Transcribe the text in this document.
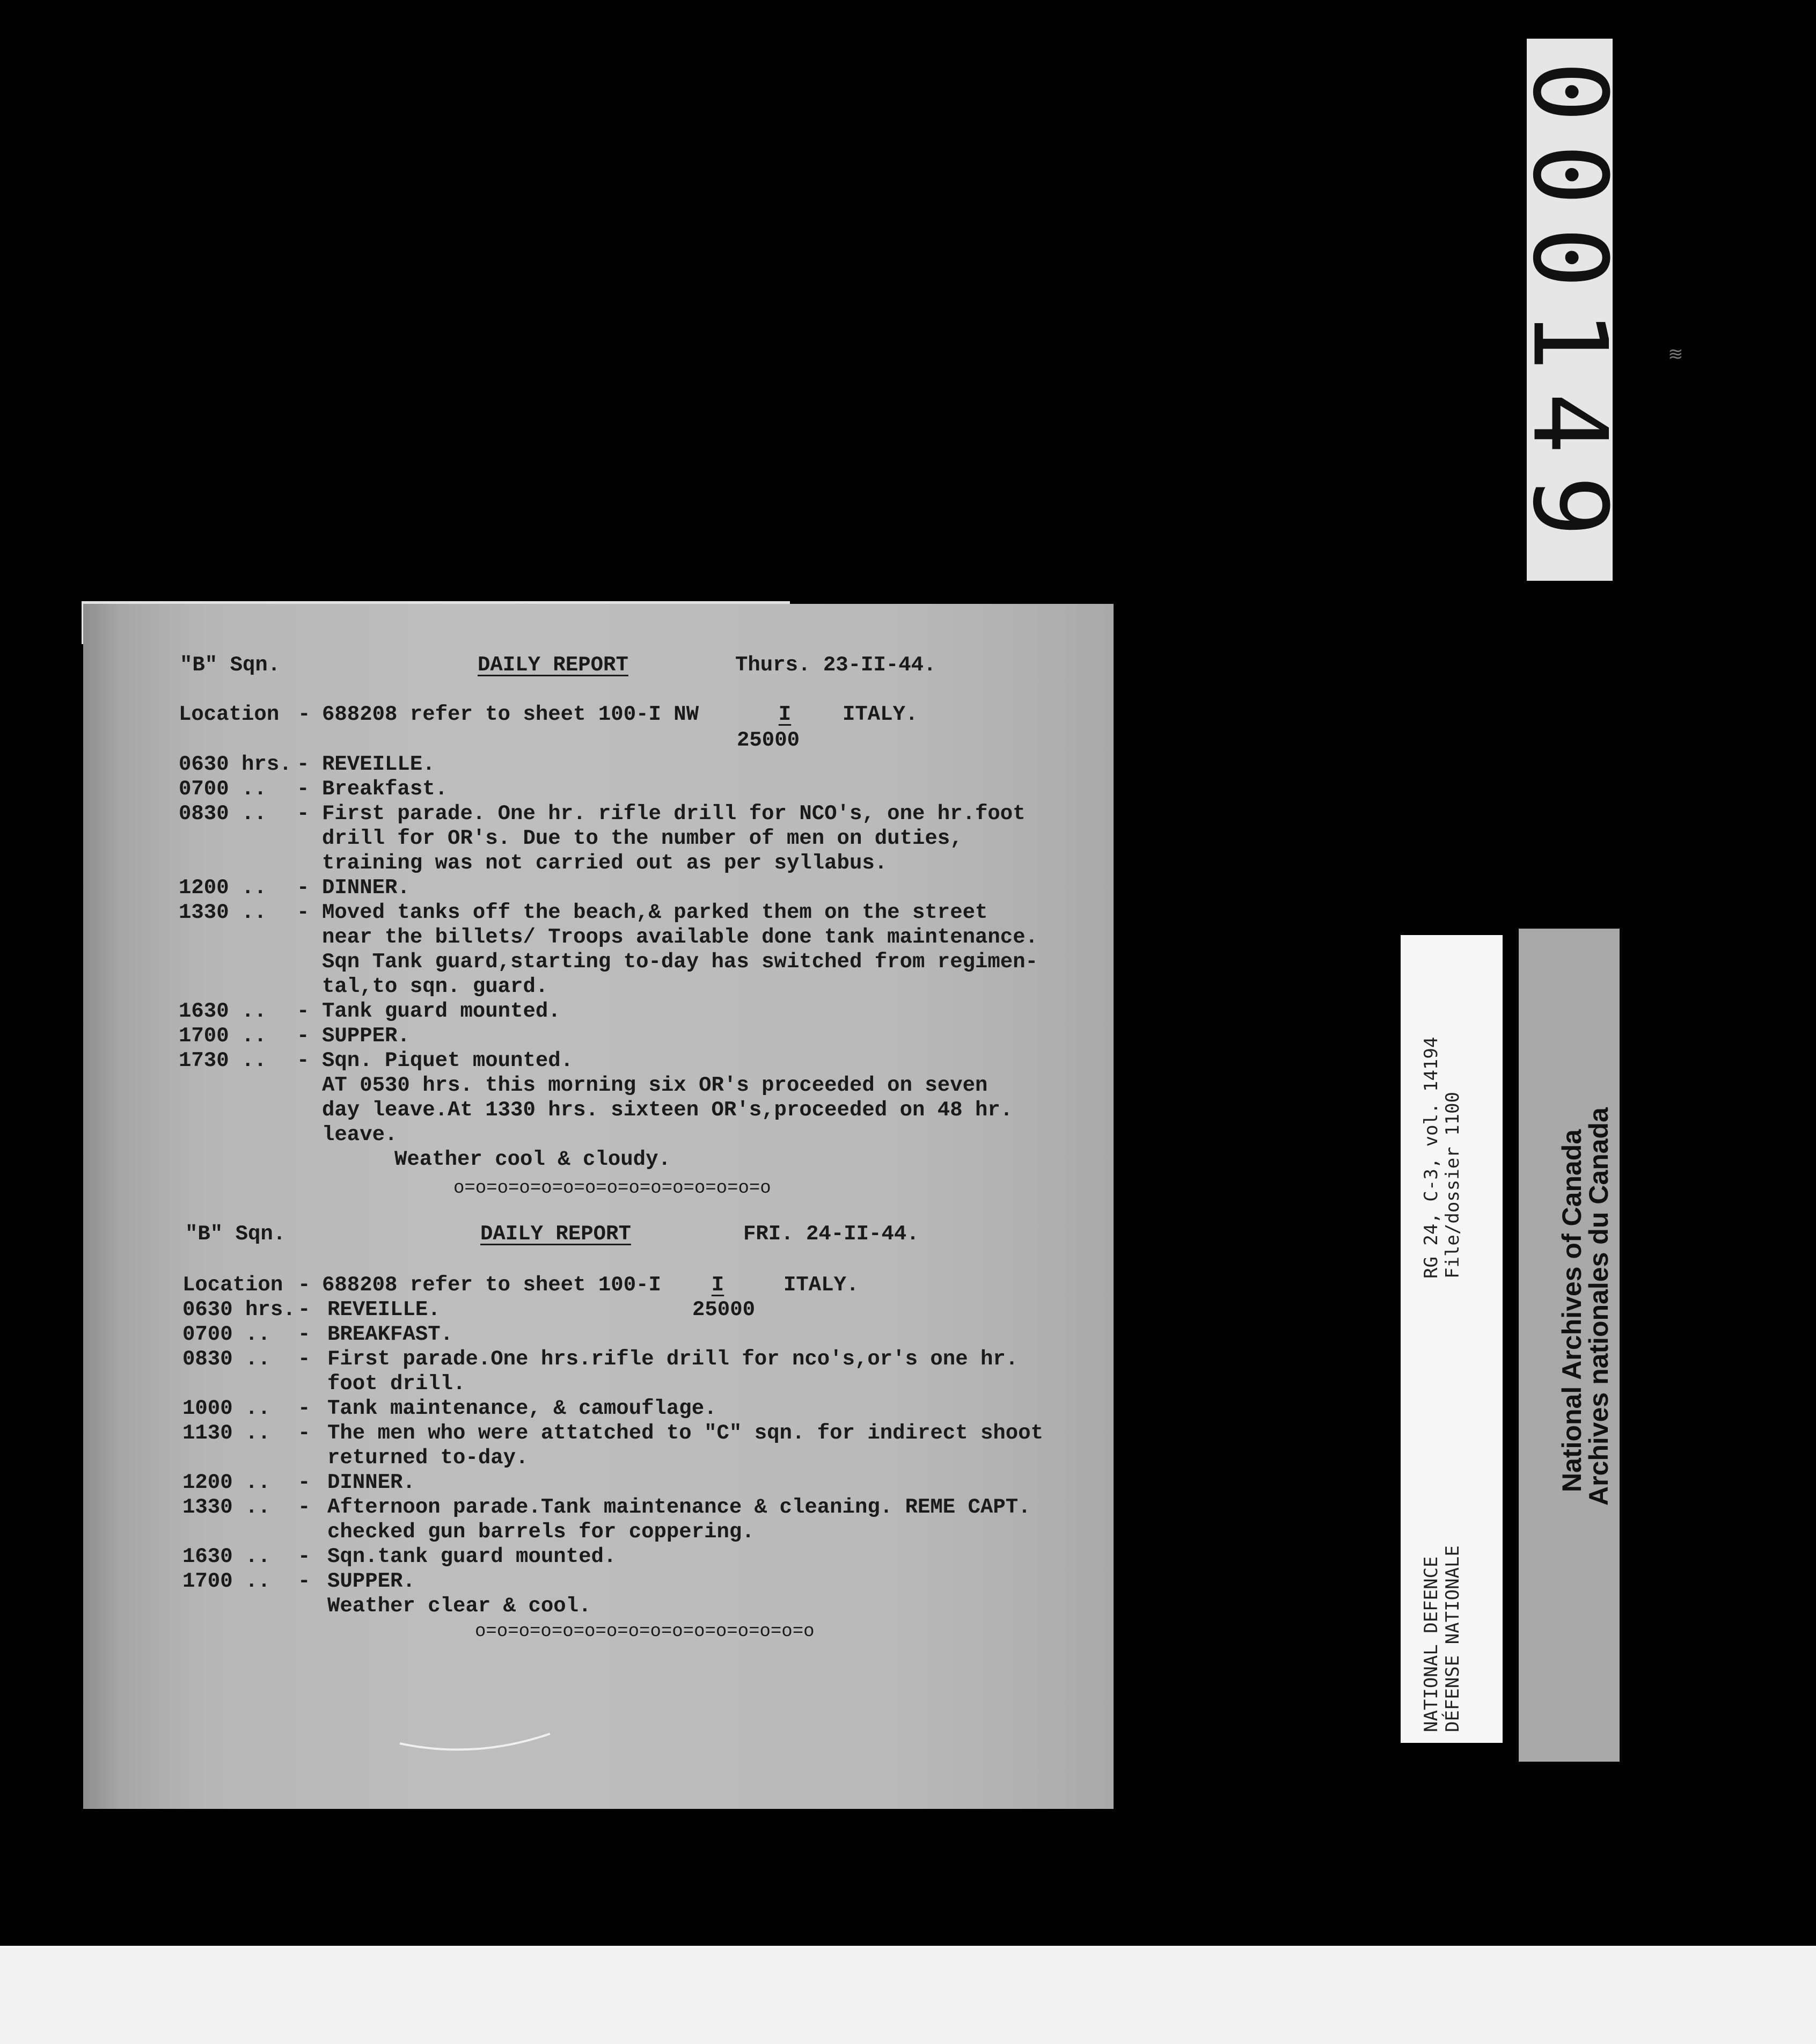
000149 ≋
RG 24, C-3, vol. 14194 File/dossier 1100
NATIONAL DEFENCE DÉFENSE NATIONALE
National Archives of Canada
Archives nationales du Canada
"B" Sqn.	DAILY REPORT	Thurs. 23-II-44.
Location - 688208 refer to sheet 100-I NW	I	ITALY.
25000
0630 hrs. - REVEILLE.
0700 .. - Breakfast.
0830 .. - First parade. One hr. rifle drill for NCO's, one hr.foot
drill for OR's. Due to the number of men on duties,
training was not carried out as per syllabus.
1200 .. - DINNER.
1330 .. - Moved tanks off the beach,& parked them on the street
near the billets/ Troops available done tank maintenance.
Sqn Tank guard,starting to-day has switched from regimen-
tal,to sqn. guard.
1630 .. - Tank guard mounted.
1700 .. - SUPPER.
1730 .. - Sqn. Piquet mounted.
AT 0530 hrs. this morning six OR's proceeded on seven
day leave.At 1330 hrs. sixteen OR's,proceeded on 48 hr.
leave.
Weather cool & cloudy.
o=o=o=o=o=o=o=o=o=o=o=o=o=o=o
"B" Sqn.	DAILY REPORT	FRI. 24-II-44.
Location - 688208 refer to sheet 100-I	I	ITALY.
25000
0630 hrs. - REVEILLE.
0700 .. - BREAKFAST.
0830 .. - First parade.One hrs.rifle drill for nco's,or's one hr.
foot drill.
1000 .. - Tank maintenance, & camouflage.
1130 .. - The men who were attatched to "C" sqn. for indirect shoot
returned to-day.
1200 .. - DINNER.
1330 .. - Afternoon parade.Tank maintenance & cleaning. REME CAPT.
checked gun barrels for coppering.
1630 .. - Sqn.tank guard mounted.
1700 .. - SUPPER.
Weather clear & cool.
o=o=o=o=o=o=o=o=o=o=o=o=o=o=o=o
